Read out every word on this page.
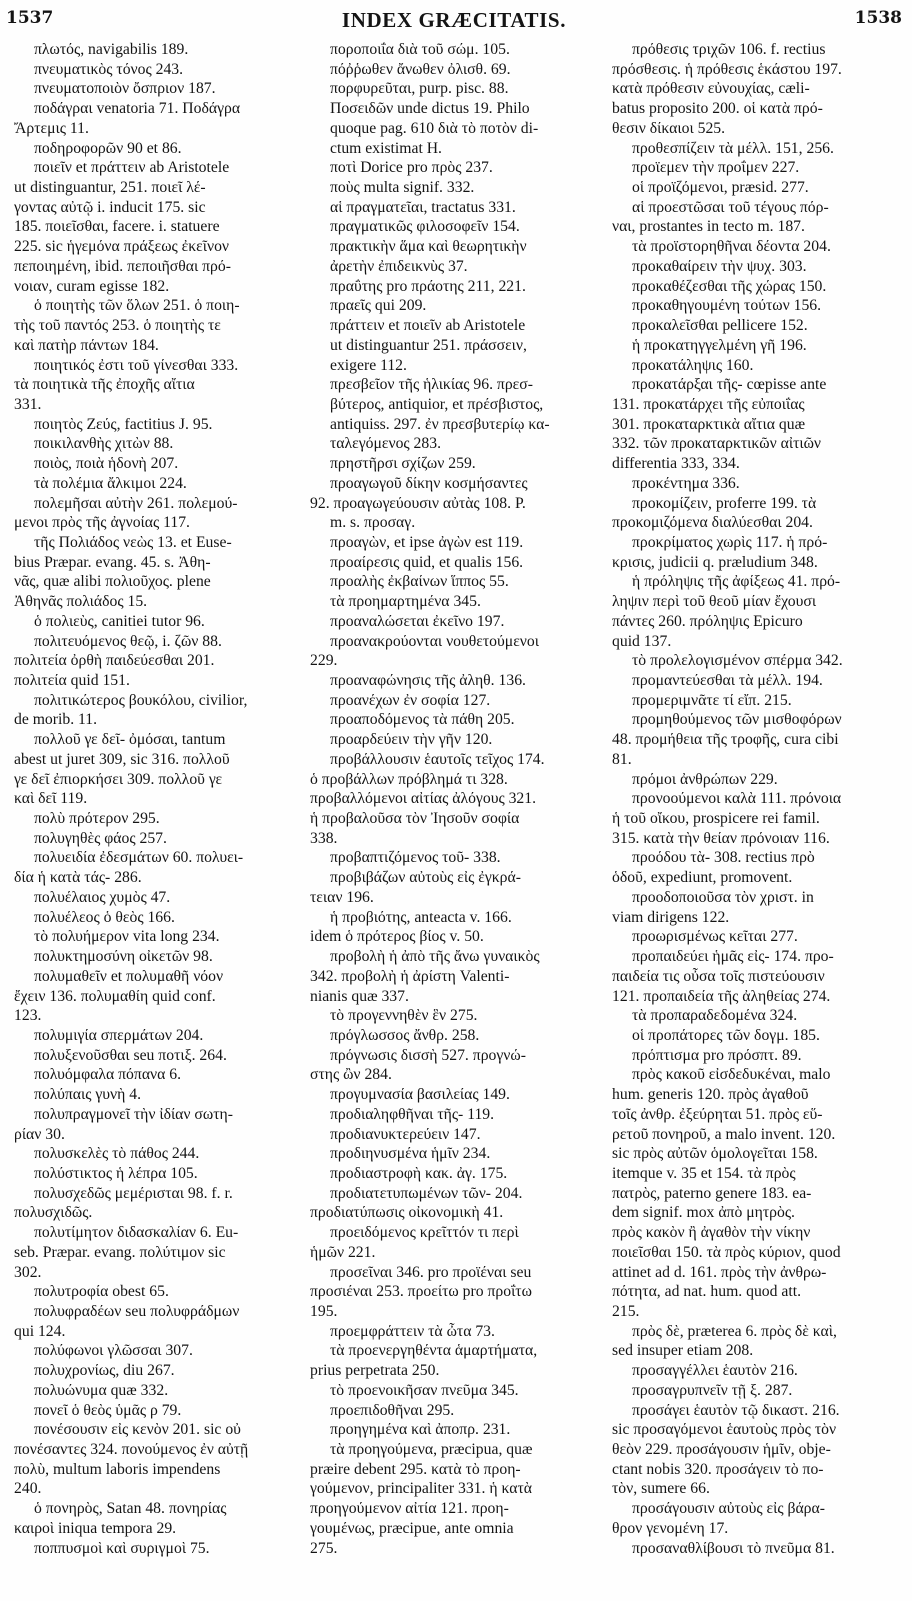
1537	INDEX GRÆCITATIS.	1538
πλωτός, navigabilis 189.
πνευματικὸς τόνος 243.
πνευματοποιὸν ὄσπριον 187.
ποδάγραι venatoria 71. Ποδάγρα
Ἄρτεμις 11.
ποδηροφορῶν 90 et 86.
ποιεῖν et πράττειν ab Aristotele
ut distinguantur, 251. ποιεῖ λέ-
γοντας αὐτῷ i. inducit 175. sic
185. ποιεῖσθαι, facere. i. statuere
225. sic ἡγεμόνα πράξεως ἐκεῖνον
πεποιημένη, ibid. πεποιῆσθαι πρό-
νοιαν, curam egisse 182.
ὁ ποιητὴς τῶν ὅλων 251. ὁ ποιη-
τὴς τοῦ παντός 253. ὁ ποιητὴς τε
καὶ πατὴρ πάντων 184.
ποιητικός ἐστι τοῦ γίνεσθαι 333.
τὰ ποιητικὰ τῆς ἐποχῆς αἴτια
331.
ποιητὸς Ζεύς, factitius J. 95.
ποικιλανθὴς χιτὼν 88.
ποιὸς, ποιὰ ἡδονὴ 207.
τὰ πολέμια ἄλκιμοι 224.
πολεμῆσαι αὐτὴν 261. πολεμού-
μενοι πρὸς τῆς ἀγνοίας 117.
τῆς Πολιάδος νεὼς 13. et Euse-
bius Præpar. evang. 45. s. Ἀθη-
νᾶς, quæ alibi πολιοῦχος. plene
Ἀθηνᾶς πολιάδος 15.
ὁ πολιεὺς, canitiei tutor 96.
πολιτευόμενος θεῷ, i. ζῶν 88.
πολιτεία ὀρθὴ παιδεύεσθαι 201.
πολιτεία quid 151.
πολιτικώτερος βουκόλου, civilior,
de morib. 11.
πολλοῦ γε δεῖ- ὀμόσαι, tantum
abest ut juret 309, sic 316. πολλοῦ
γε δεῖ ἐπιορκήσει 309. πολλοῦ γε
καὶ δεῖ 119.
πολὺ πρότερον 295.
πολυγηθὲς φάος 257.
πολυειδία ἐδεσμάτων 60. πολυει-
δία ἡ κατὰ τάς- 286.
πολυέλαιος χυμὸς 47.
πολυέλεος ὁ θεὸς 166.
τὸ πολυήμερον vita long 234.
πολυκτημοσύνη οἰκετῶν 98.
πολυμαθεῖν et πολυμαθῆ νόον
ἔχειν 136. πολυμαθίη quid conf.
123.
πολυμιγία σπερμάτων 204.
πολυξενοῦσθαι seu ποτιξ. 264.
πολυόμφαλα πόπανα 6.
πολύπαις γυνὴ 4.
πολυπραγμονεῖ τὴν ἰδίαν σωτη-
ρίαν 30.
πολυσκελὲς τὸ πάθος 244.
πολύστικτος ἡ λέπρα 105.
πολυσχεδῶς μεμέρισται 98. f. r.
πολυσχιδῶς.
πολυτίμητον διδασκαλίαν 6. Eu-
seb. Præpar. evang. πολύτιμον sic
302.
πολυτροφία obest 65.
πολυφραδέων seu πολυφράδμων
qui 124.
πολύφωνοι γλῶσσαι 307.
πολυχρονίως, diu 267.
πολυώνυμα quæ 332.
πονεῖ ὁ θεὸς ὑμᾶς ρ 79.
πονέσουσιν εἰς κενὸν 201. sic οὐ
πονέσαντες 324. πονούμενος ἐν αὐτῇ
πολὺ, multum laboris impendens
240.
ὁ πονηρὸς, Satan 48. πονηρίας
καιροὶ iniqua tempora 29.
ποππυσμοὶ καὶ συριγμοὶ 75.
πoρoποιΐα διὰ τοῦ σώμ. 105.
πόῤῥωθεν ἄνωθεν ὀλισθ. 69.
πορφυρεῦται, purp. pisc. 88.
Ποσειδῶν unde dictus 19. Philo
quoque pag. 610 διὰ τὸ ποτὸν di-
ctum existimat H.
ποτὶ Dorice pro πρὸς 237.
ποὺς multa signif. 332.
αἱ πραγματεῖαι, tractatus 331.
πραγματικῶς φιλοσοφεῖν 154.
πρακτικὴν ἅμα καὶ θεωρητικὴν
ἀρετὴν ἐπιδεικνὺς 37.
πραΰτης pro πράοτης 211, 221.
πραεῖς qui 209.
πράττειν et ποιεῖν ab Aristotele
ut distinguantur 251. πράσσειν,
exigere 112.
πρεσβεῖον τῆς ἡλικίας 96. πρεσ-
βύτερος, antiquior, et πρέσβιστος,
antiquiss. 297. ἐν πρεσβυτερίῳ κα-
ταλεγόμενος 283.
πρηστῆρσι σχίζων 259.
προαγωγοῦ δίκην κοσμήσαντες
92. προαγωγεύουσιν αὐτὰς 108. P.
m. s. προσαγ.
προαγὼν, et ipse ἀγὼν est 119.
προαίρεσις quid, et qualis 156.
προαλὴς ἐκβαίνων ἵππος 55.
τὰ προημαρτημένα 345.
προαναλώσεται ἐκεῖνο 197.
προανακρούονται νουθετούμενοι
229.
προαναφώνησις τῆς ἀληθ. 136.
προανέχων ἐν σοφία 127.
προαποδόμενος τὰ πάθη 205.
προαρδεύειν τὴν γῆν 120.
προβάλλουσιν ἑαυτοῖς τεῖχος 174.
ὁ προβάλλων πρόβλημά τι 328.
προβαλλόμενοι αἰτίας ἀλόγους 321.
ἡ προβαλοῦσα τὸν Ἰησοῦν σοφία
338.
προβαπτιζόμενος τοῦ- 338.
προβιβάζων αὐτοὺς εἰς ἐγκρά-
τειαν 196.
ἡ προβιότης, anteacta v. 166.
idem ὁ πρότερος βίος v. 50.
προβολὴ ἡ ἀπὸ τῆς ἄνω γυναικὸς
342. προβολὴ ἡ ἀρίστη Valenti-
nianis quæ 337.
τὸ προγεννηθὲν ἓν 275.
πρόγλωσσος ἄνθρ. 258.
πρόγνωσις δισσὴ 527. προγνώ-
στης ὢν 284.
προγυμνασία βασιλείας 149.
προδιαληφθῆναι τῆς- 119.
προδιανυκτερεύειν 147.
προδιηνυσμένα ἡμῖν 234.
προδιαστροφὴ κακ. ἀγ. 175.
προδιατετυπωμένων τῶν- 204.
προδιατύπωσις οἰκονομικὴ 41.
προειδόμενος κρεῖττόν τι περὶ
ἡμῶν 221.
προσεῖναι 346. pro προϊέναι seu
προσιέναι 253. προείτω pro προΐτω
195.
προεμφράττειν τὰ ὦτα 73.
τὰ προενεργηθέντα ἁμαρτήματα,
prius perpetrata 250.
τὸ προενοικῆσαν πνεῦμα 345.
προεπιδοθῆναι 295.
προηγημένα καὶ ἀποπρ. 231.
τὰ προηγούμενα, præcipua, quæ
præire debent 295. κατὰ τὸ προη-
γούμενον, principaliter 331. ἡ κατὰ
προηγούμενον αἰτία 121. προη-
γουμένως, præcipue, ante omnia
275.
πρόθεσις τριχῶν 106. f. rectius
πρόσθεσις. ἡ πρόθεσις ἑκάστου 197.
κατὰ πρόθεσιν εὐνουχίας, cæli-
batus proposito 200. οἱ κατὰ πρό-
θεσιν δίκαιοι 525.
προθεσπίζειν τὰ μέλλ. 151, 256.
προϊεμεν τὴν προΐμεν 227.
οἱ προϊζόμενοι, præsid. 277.
αἱ προεστῶσαι τοῦ τέγους πόρ-
ναι, prostantes in tecto m. 187.
τὰ προϊστορηθῆναι δέοντα 204.
προκαθαίρειν τὴν ψυχ. 303.
προκαθέζεσθαι τῆς χώρας 150.
προκαθηγουμένη τούτων 156.
προκαλεῖσθαι pellicere 152.
ἡ προκατηγγελμένη γῆ 196.
προκατάληψις 160.
προκατάρξαι τῆς- cœpisse ante
131. προκατάρχει τῆς εὐποιΐας
301. προκαταρκτικὰ αἴτια quæ
332. τῶν προκαταρκτικῶν αἰτιῶν
differentia 333, 334.
προκέντημα 336.
προκομίζειν, proferre 199. τὰ
προκομιζόμενα διαλύεσθαι 204.
προκρίματος χωρὶς 117. ἡ πρό-
κρισις, judicii q. præludium 348.
ἡ πρόληψις τῆς ἀφίξεως 41. πρό-
ληψιν περὶ τοῦ θεοῦ μίαν ἔχουσι
πάντες 260. πρόληψις Epicuro
quid 137.
τὸ προλελογισμένον σπέρμα 342.
προμαντεύεσθαι τὰ μέλλ. 194.
προμεριμνᾶτε τί εἴπ. 215.
προμηθούμενος τῶν μισθοφόρων
48. προμήθεια τῆς τροφῆς, cura cibi
81.
πρόμοι ἀνθρώπων 229.
προνοούμενοι καλὰ 111. πρόνοια
ἡ τοῦ οἴκου, prospicere rei famil.
315. κατὰ τὴν θείαν πρόνοιαν 116.
προόδου τὰ- 308. rectius πρὸ
ὁδοῦ, expediunt, promovent.
προοδοποιοῦσα τὸν χριστ. in
viam dirigens 122.
προωρισμένως κεῖται 277.
προπαιδεύει ἡμᾶς εἰς- 174. προ-
παιδεία τις οὖσα τοῖς πιστεύουσιν
121. προπαιδεία τῆς ἀληθείας 274.
τὰ προπαραδεδομένα 324.
οἱ προπάτορες τῶν δογμ. 185.
πρόπτισμα pro πρόσπτ. 89.
πρὸς κακοῦ εἰσδεδυκέναι, malo
hum. generis 120. πρὸς ἀγαθοῦ
τοῖς ἀνθρ. ἐξεύρηται 51. πρὸς εὕ-
ρετοῦ πονηροῦ, a malo invent. 120.
sic πρὸς αὐτῶν ὁμολογεῖται 158.
itemque v. 35 et 154. τὰ πρὸς
πατρὸς, paterno genere 183. ea-
dem signif. mox ἀπὸ μητρὸς.
πρὸς κακὸν ἢ ἀγαθὸν τὴν νίκην
ποιεῖσθαι 150. τὰ πρὸς κύριον, quod
attinet ad d. 161. πρὸς τὴν ἀνθρω-
πότητα, ad nat. hum. quod att.
215.
πρὸς δὲ, præterea 6. πρὸς δὲ καὶ,
sed insuper etiam 208.
προσαγγέλλει ἑαυτὸν 216.
προσαγρυπνεῖν τῇ ξ. 287.
προσάγει ἑαυτὸν τῷ δικαστ. 216.
sic προσαγόμενοι ἑαυτοὺς πρὸς τὸν
θεὸν 229. προσάγουσιν ἡμῖν, obje-
ctant nobis 320. προσάγειν τὸ πο-
τὸν, sumere 66.
προσάγουσιν αὐτοὺς εἰς βάρα-
θρον γενομένη 17.
προσαναθλίβουσι τὸ πνεῦμα 81.
